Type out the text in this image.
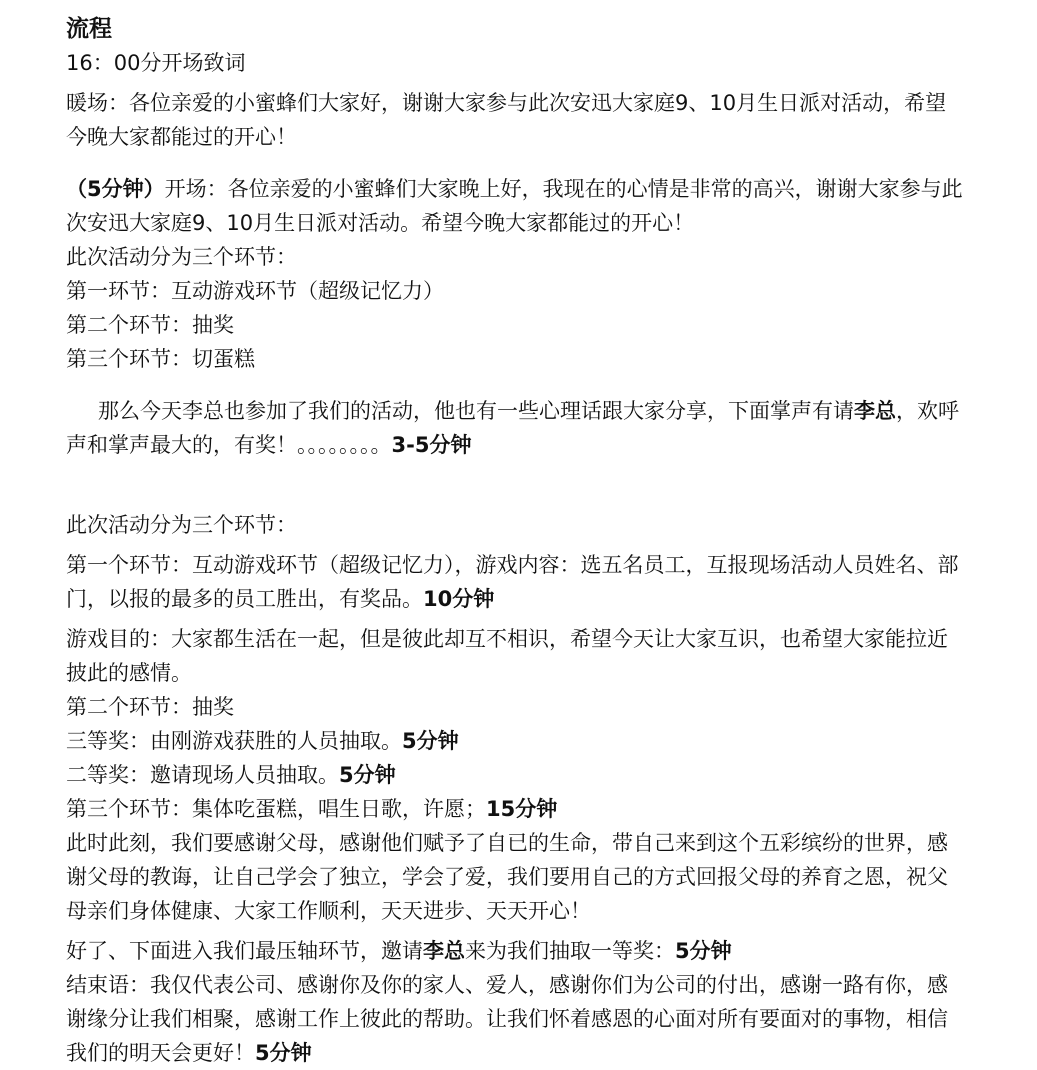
流程

16：00分开场致词

暖场：各位亲爱的小蜜蜂们大家好，谢谢大家参与此次安迅大家庭9、10月生日派对活动，希望今晚大家都能过的开心！

（5分钟）开场：各位亲爱的小蜜蜂们大家晚上好，我现在的心情是非常的高兴，谢谢大家参与此次安迅大家庭9、10月生日派对活动。希望今晚大家都能过的开心！

此次活动分为三个环节：

第一环节：互动游戏环节（超级记忆力）

第二个环节：抽奖

第三个环节：切蛋糕

那么今天李总也参加了我们的活动，他也有一些心理话跟大家分享，下面掌声有请李总，欢呼声和掌声最大的，有奖！。。。。。。。。3-5分钟

此次活动分为三个环节：

第一个环节：互动游戏环节（超级记忆力），游戏内容：选五名员工，互报现场活动人员姓名、部门，以报的最多的员工胜出，有奖品。10分钟

游戏目的：大家都生活在一起，但是彼此却互不相识，希望今天让大家互识，也希望大家能拉近披此的感情。

第二个环节：抽奖

三等奖：由刚游戏获胜的人员抽取。5分钟

二等奖：邀请现场人员抽取。5分钟

第三个环节：集体吃蛋糕，唱生日歌，许愿；15分钟

此时此刻，我们要感谢父母，感谢他们赋予了自已的生命，带自己来到这个五彩缤纷的世界，感谢父母的教诲，让自己学会了独立，学会了爱，我们要用自己的方式回报父母的养育之恩，祝父母亲们身体健康、大家工作顺利，天天进步、天天开心！

好了、下面进入我们最压轴环节，邀请李总来为我们抽取一等奖：5分钟

结束语：我仅代表公司、感谢你及你的家人、爱人，感谢你们为公司的付出，感谢一路有你，感谢缘分让我们相聚，感谢工作上彼此的帮助。让我们怀着感恩的心面对所有要面对的事物，相信我们的明天会更好！5分钟
